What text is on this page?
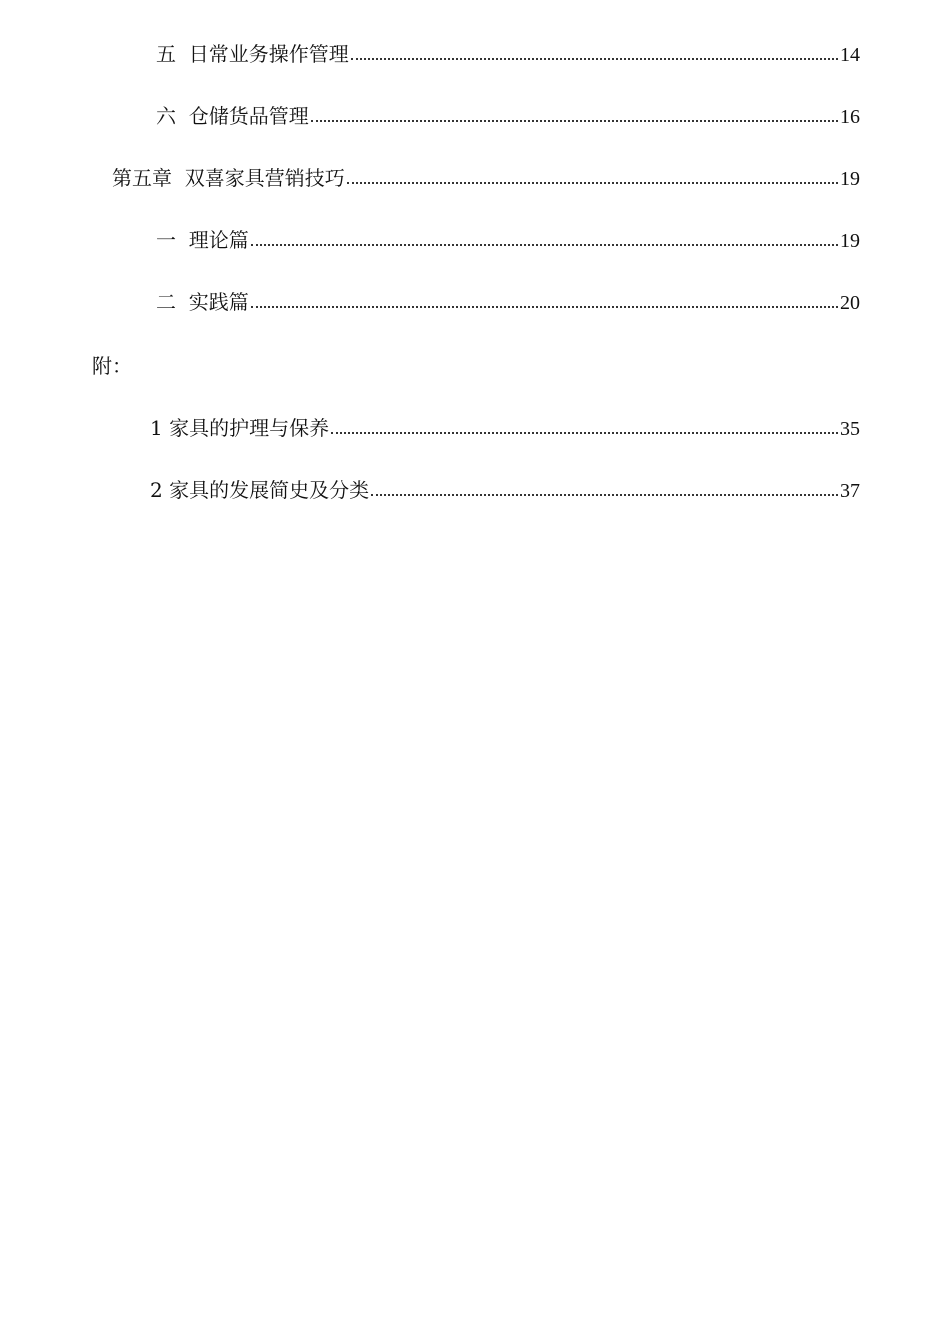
五 日常业务操作管理	14
六 仓储货品管理	16
第五章 双喜家具营销技巧	19
一 理论篇	19
二 实践篇	20
附：
1 家具的护理与保养	35
2 家具的发展简史及分类	37
